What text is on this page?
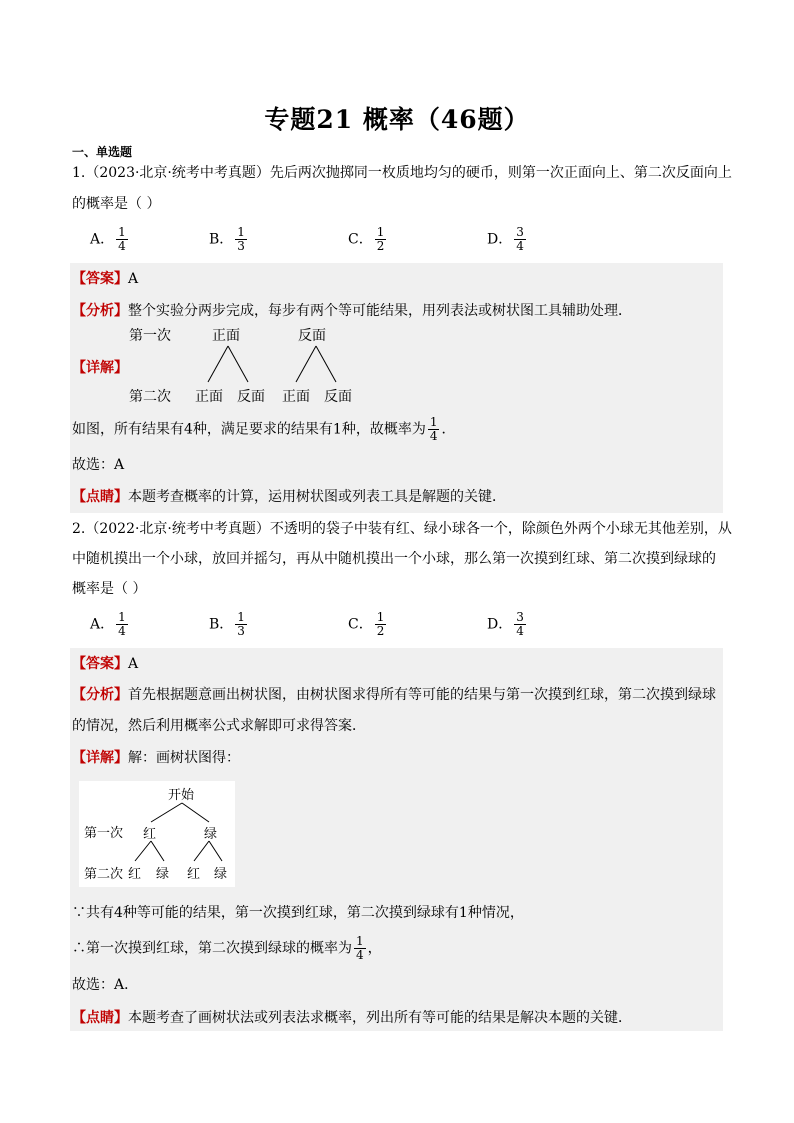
专题21 概率（46题）
一、单选题
1.（2023·北京·统考中考真题）先后两次抛掷同一枚质地均匀的硬币，则第一次正面向上、第二次反面向上
的概率是（ ）
A． $\frac{1}{4}$	B． $\frac{1}{3}$	C． $\frac{1}{2}$	D． $\frac{3}{4}$
【答案】A
【分析】整个实验分两步完成，每步有两个等可能结果，用列表法或树状图工具辅助处理．
第一次	正面	反面
【详解】
第二次 正面 反面 正面 反面
如图，所有结果有4种，满足要求的结果有1种，故概率为 $\frac{1}{4}$ ．
故选：A
【点睛】本题考查概率的计算，运用树状图或列表工具是解题的关键．
2.（2022·北京·统考中考真题）不透明的袋子中装有红、绿小球各一个，除颜色外两个小球无其他差别，从
中随机摸出一个小球，放回并摇匀，再从中随机摸出一个小球，那么第一次摸到红球、第二次摸到绿球的
概率是（ ）
A． $\frac{1}{4}$	B． $\frac{1}{3}$	C． $\frac{1}{2}$	D． $\frac{3}{4}$
【答案】A
【分析】首先根据题意画出树状图，由树状图求得所有等可能的结果与第一次摸到红球，第二次摸到绿球
的情况，然后利用概率公式求解即可求得答案．
【详解】解：画树状图得：
开始
第一次 红	绿
第二次 红 绿 红 绿
∵共有4种等可能的结果，第一次摸到红球，第二次摸到绿球有1种情况，
∴第一次摸到红球，第二次摸到绿球的概率为 $\frac{1}{4}$ ，
故选：A．
【点睛】本题考查了画树状法或列表法求概率，列出所有等可能的结果是解决本题的关键．
